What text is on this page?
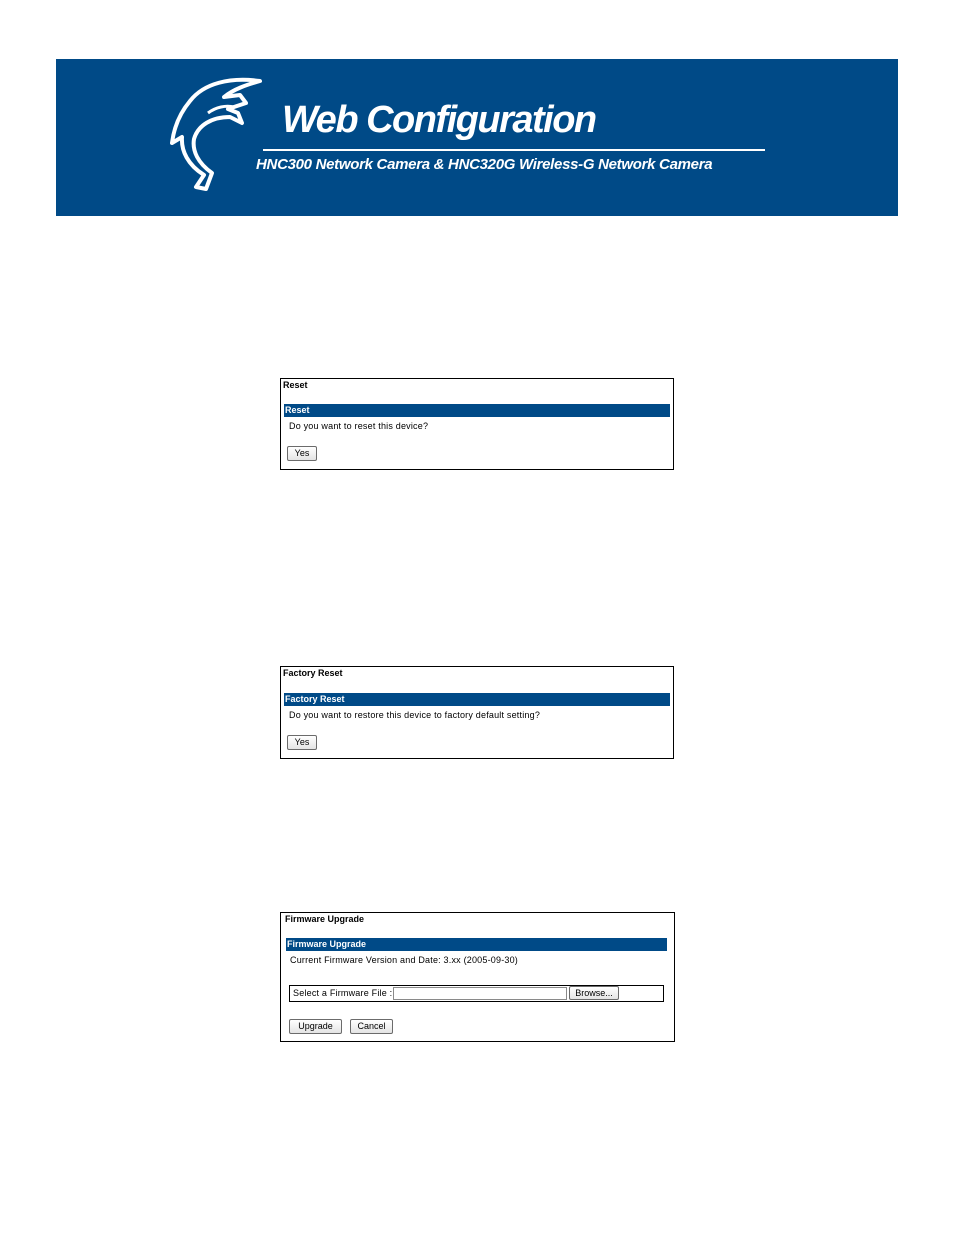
Web Configuration
HNC300 Network Camera & HNC320G Wireless-G Network Camera
Reset
Reset
Do you want to reset this device?
Yes
Factory Reset
Factory Reset
Do you want to restore this device to factory default setting?
Yes
Firmware Upgrade
Firmware Upgrade
Current Firmware Version and Date: 3.xx (2005-09-30)
Select a Firmware File :	Browse...
Upgrade	Cancel
